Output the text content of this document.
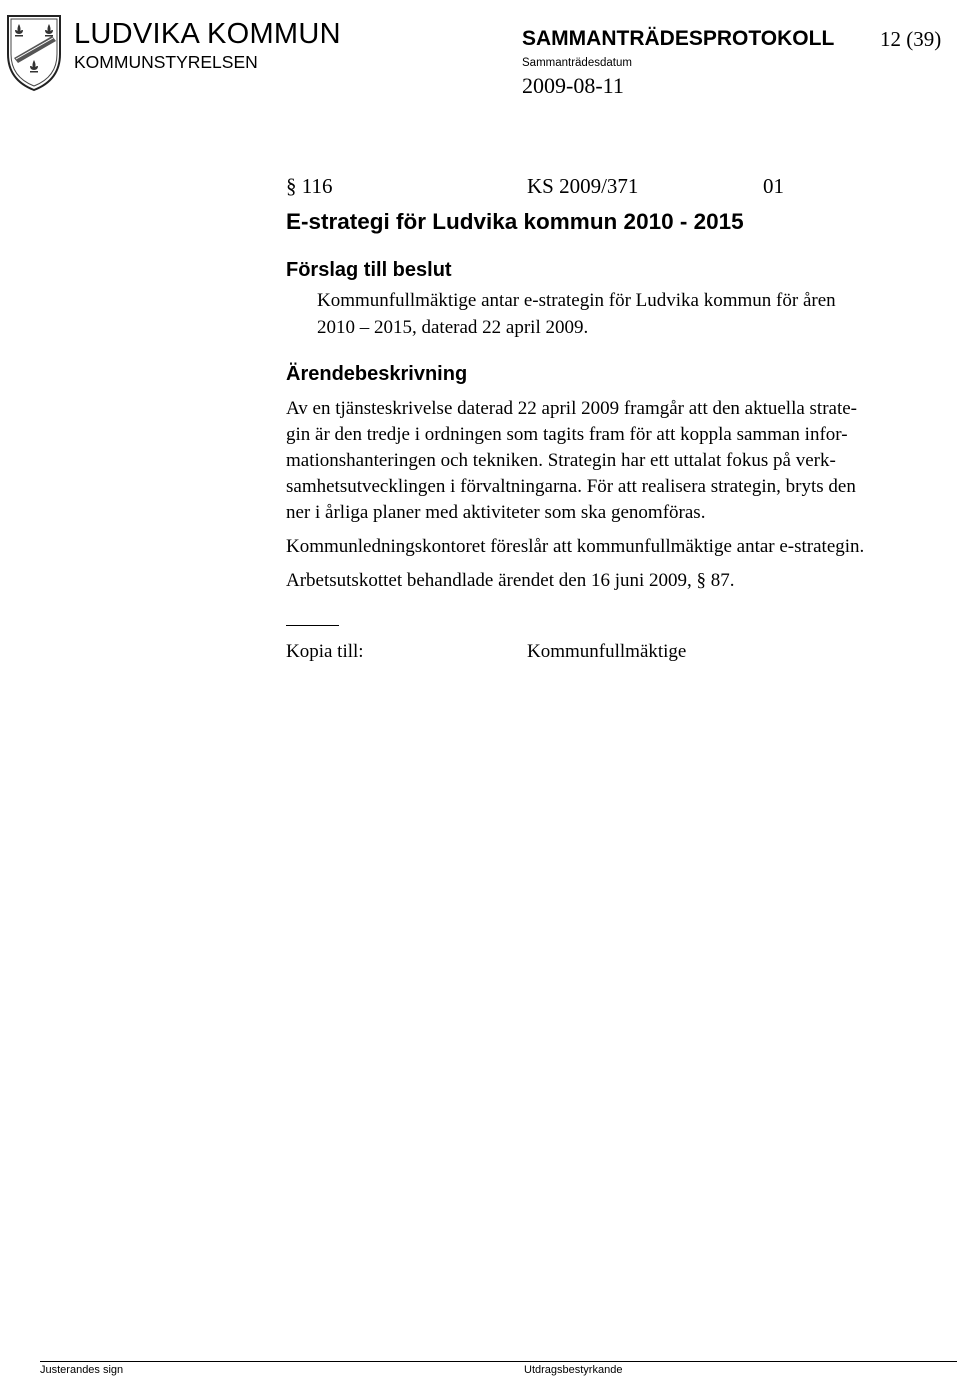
LUDVIKA KOMMUN
KOMMUNSTYRELSEN
SAMMANTRÄDESPROTOKOLL 12 (39)
Sammanträdesdatum
2009-08-11
§ 116	KS 2009/371	01
E-strategi för Ludvika kommun 2010 - 2015
Förslag till beslut
Kommunfullmäktige antar e-strategin för Ludvika kommun för åren
2010 – 2015, daterad 22 april 2009.
Ärendebeskrivning
Av en tjänsteskrivelse daterad 22 april 2009 framgår att den aktuella strate-
gin är den tredje i ordningen som tagits fram för att koppla samman infor-
mationshanteringen och tekniken. Strategin har ett uttalat fokus på verk-
samhetsutvecklingen i förvaltningarna. För att realisera strategin, bryts den
ner i årliga planer med aktiviteter som ska genomföras.
Kommunledningskontoret föreslår att kommunfullmäktige antar e-strategin.
Arbetsutskottet behandlade ärendet den 16 juni 2009, § 87.
Kopia till:	Kommunfullmäktige
Justerandes sign	Utdragsbestyrkande
